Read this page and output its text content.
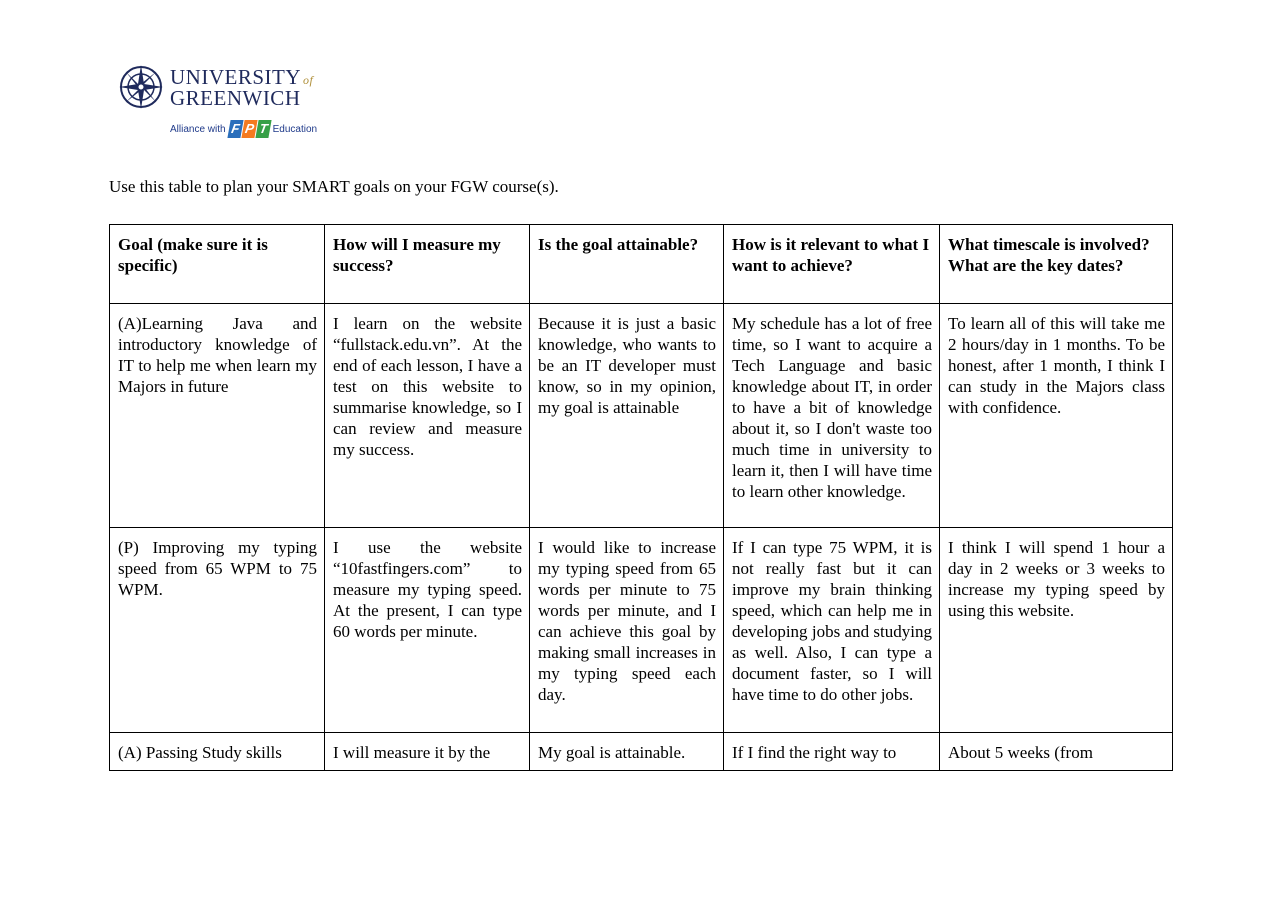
UNIVERSITY of
GREENWICH
Alliance with F P T Education
Use this table to plan your SMART goals on your FGW course(s).
Goal (make sure it is specific)	How will I measure my success?	Is the goal attainable?	How is it relevant to what I want to achieve?	What timescale is involved? What are the key dates?
(A)Learning Java and introductory knowledge of IT to help me when learn my Majors in future	I learn on the website “fullstack.edu.vn”. At the end of each lesson, I have a test on this website to summarise knowledge, so I can review and measure my success.	Because it is just a basic knowledge, who wants to be an IT developer must know, so in my opinion, my goal is attainable	My schedule has a lot of free time, so I want to acquire a Tech Language and basic knowledge about IT, in order to have a bit of knowledge about it, so I don't waste too much time in university to learn it, then I will have time to learn other knowledge.	To learn all of this will take me 2 hours/day in 1 months. To be honest, after 1 month, I think I can study in the Majors class with confidence.
(P) Improving my typing speed from 65 WPM to 75 WPM.	I use the website “10fastfingers.com” to measure my typing speed. At the present, I can type 60 words per minute.	I would like to increase my typing speed from 65 words per minute to 75 words per minute, and I can achieve this goal by making small increases in my typing speed each day.	If I can type 75 WPM, it is not really fast but it can improve my brain thinking speed, which can help me in developing jobs and studying as well. Also, I can type a document faster, so I will have time to do other jobs.	I think I will spend 1 hour a day in 2 weeks or 3 weeks to increase my typing speed by using this website.

(A) Passing Study skills	I will measure it by the	My goal is attainable.	If I find the right way to	About 5 weeks (from
